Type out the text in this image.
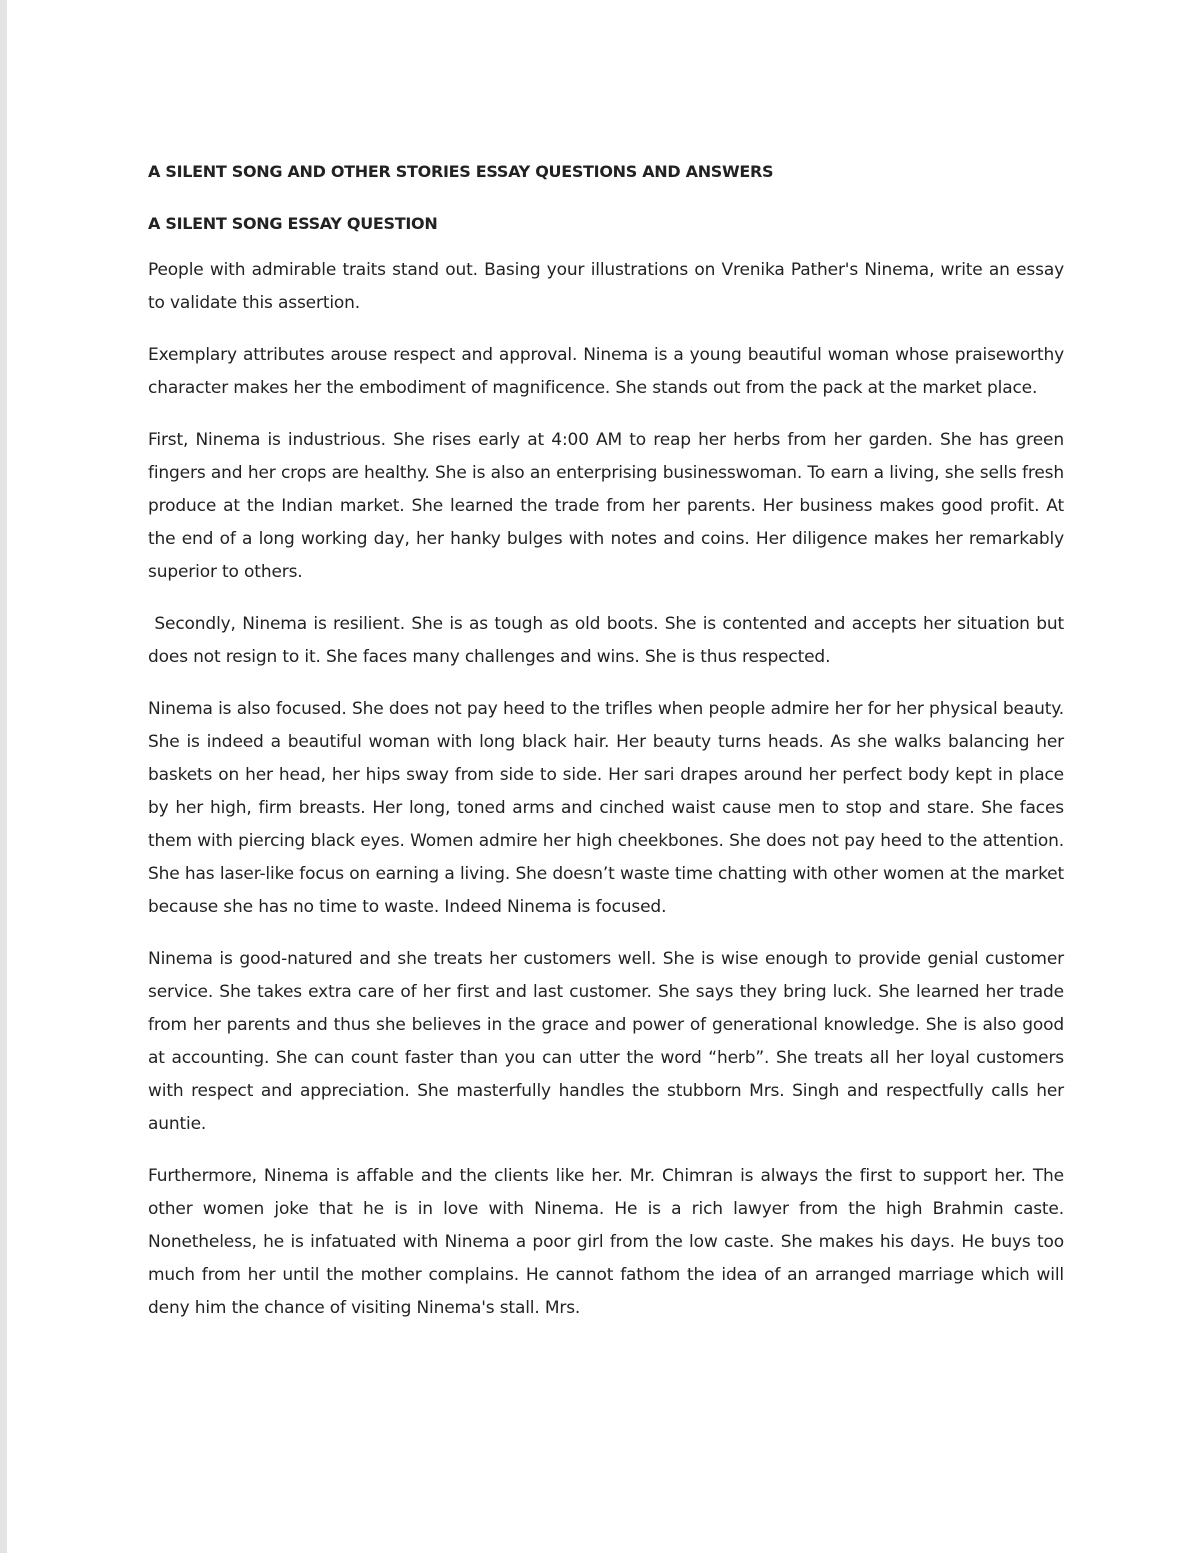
A SILENT SONG AND OTHER STORIES ESSAY QUESTIONS AND ANSWERS
A SILENT SONG ESSAY QUESTION

People with admirable traits stand out. Basing your illustrations on Vrenika Pather's Ninema, write an essay to validate this assertion.

Exemplary attributes arouse respect and approval. Ninema is a young beautiful woman whose praiseworthy character makes her the embodiment of magnificence. She stands out from the pack at the market place.

First, Ninema is industrious. She rises early at 4:00 AM to reap her herbs from her garden. She has green fingers and her crops are healthy. She is also an enterprising businesswoman. To earn a living, she sells fresh produce at the Indian market. She learned the trade from her parents. Her business makes good profit. At the end of a long working day, her hanky bulges with notes and coins. Her diligence makes her remarkably superior to others.

Secondly, Ninema is resilient. She is as tough as old boots. She is contented and accepts her situation but does not resign to it. She faces many challenges and wins. She is thus respected.

Ninema is also focused. She does not pay heed to the trifles when people admire her for her physical beauty. She is indeed a beautiful woman with long black hair. Her beauty turns heads. As she walks balancing her baskets on her head, her hips sway from side to side. Her sari drapes around her perfect body kept in place by her high, firm breasts. Her long, toned arms and cinched waist cause men to stop and stare. She faces them with piercing black eyes. Women admire her high cheekbones. She does not pay heed to the attention. She has laser-like focus on earning a living. She doesn’t waste time chatting with other women at the market because she has no time to waste. Indeed Ninema is focused.

Ninema is good-natured and she treats her customers well. She is wise enough to provide genial customer service. She takes extra care of her first and last customer. She says they bring luck. She learned her trade from her parents and thus she believes in the grace and power of generational knowledge. She is also good at accounting. She can count faster than you can utter the word “herb”. She treats all her loyal customers with respect and appreciation. She masterfully handles the stubborn Mrs. Singh and respectfully calls her auntie.

Furthermore, Ninema is affable and the clients like her. Mr. Chimran is always the first to support her. The other women joke that he is in love with Ninema. He is a rich lawyer from the high Brahmin caste. Nonetheless, he is infatuated with Ninema a poor girl from the low caste. She makes his days. He buys too much from her until the mother complains. He cannot fathom the idea of an arranged marriage which will deny him the chance of visiting Ninema's stall. Mrs.
